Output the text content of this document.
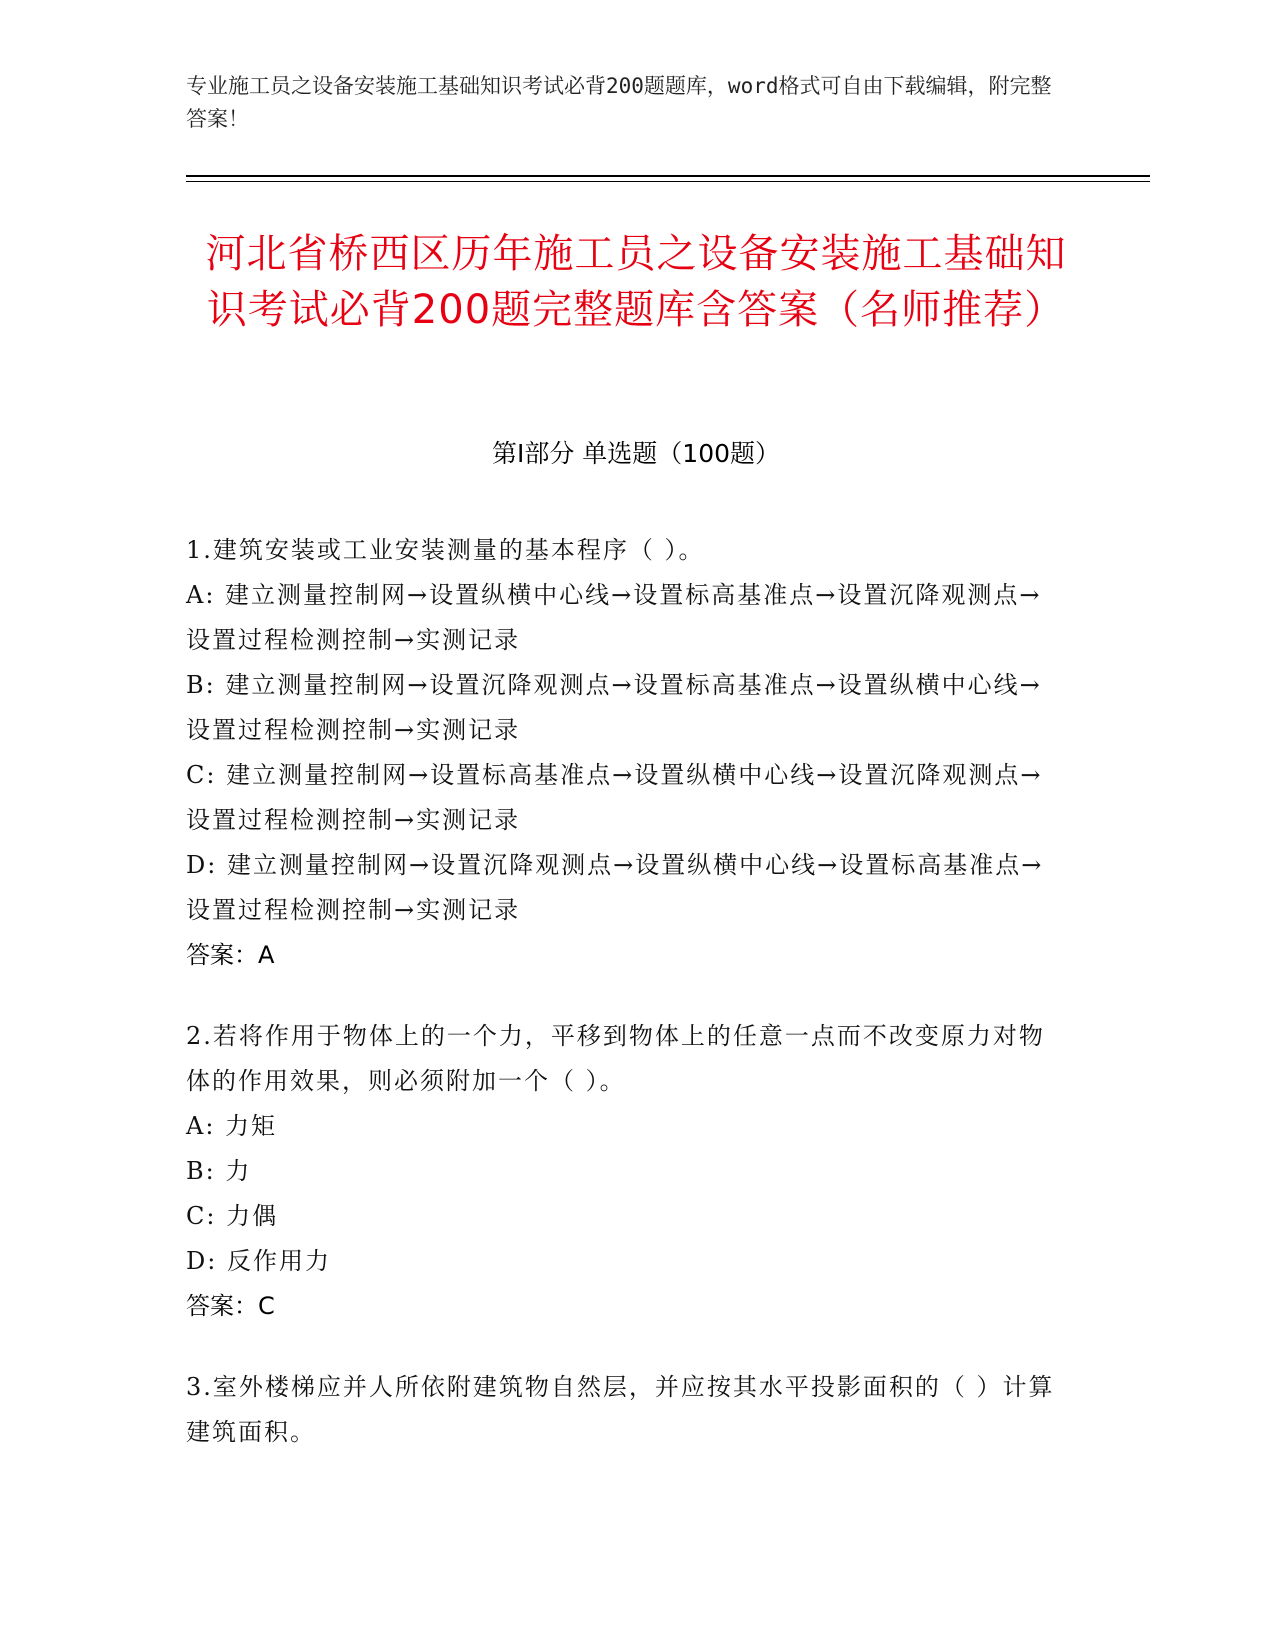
专业施工员之设备安装施工基础知识考试必背200题题库，word格式可自由下载编辑，附完整答案！
河北省桥西区历年施工员之设备安装施工基础知识考试必背200题完整题库含答案（名师推荐）
第Ⅰ部分 单选题（100题）
1.建筑安装或工业安装测量的基本程序（ ）。
A: 建立测量控制网→设置纵横中心线→设置标高基准点→设置沉降观测点→设置过程检测控制→实测记录
B: 建立测量控制网→设置沉降观测点→设置标高基准点→设置纵横中心线→设置过程检测控制→实测记录
C: 建立测量控制网→设置标高基准点→设置纵横中心线→设置沉降观测点→设置过程检测控制→实测记录
D: 建立测量控制网→设置沉降观测点→设置纵横中心线→设置标高基准点→设置过程检测控制→实测记录
答案：A
2.若将作用于物体上的一个力，平移到物体上的任意一点而不改变原力对物体的作用效果，则必须附加一个（ ）。
A: 力矩
B: 力
C: 力偶
D: 反作用力
答案：C
3.室外楼梯应并人所依附建筑物自然层，并应按其水平投影面积的（ ）计算建筑面积。
